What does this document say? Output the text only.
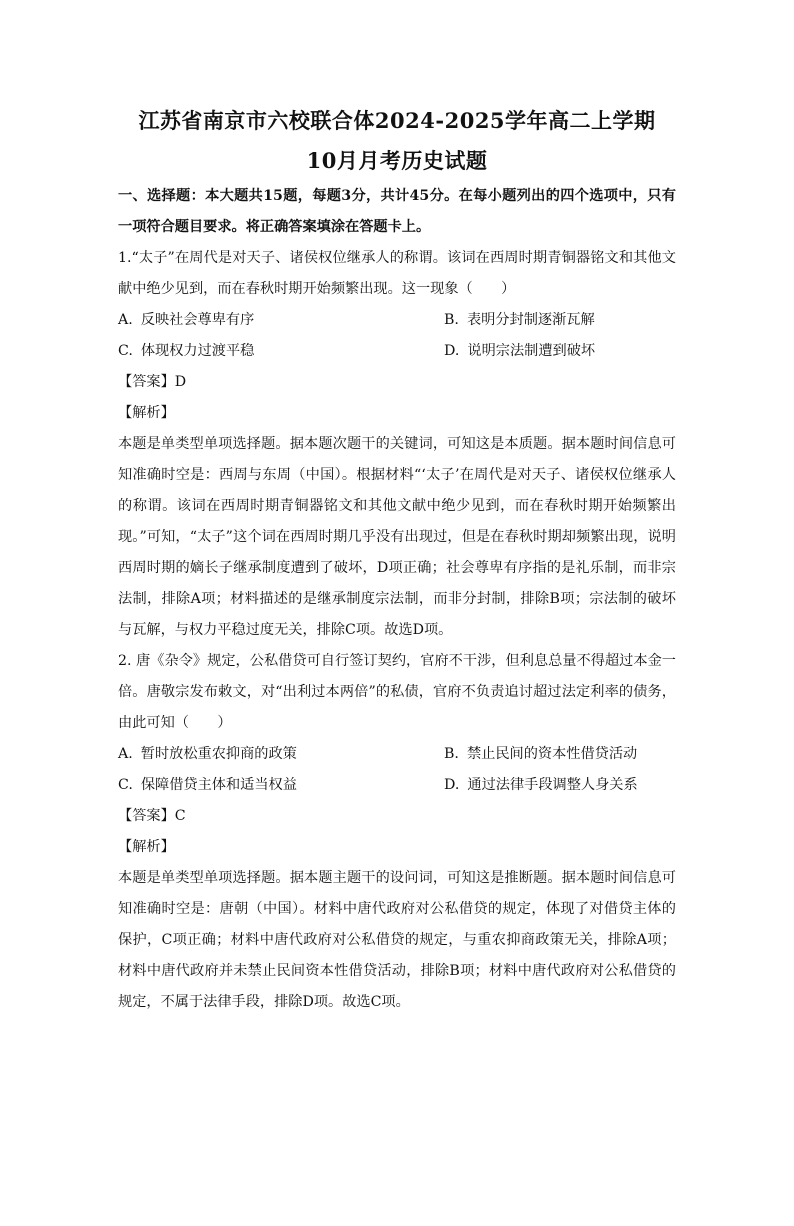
江苏省南京市六校联合体2024-2025学年高二上学期
10月月考历史试题

一、选择题：本大题共15题，每题3分，共计45分。在每小题列出的四个选项中，只有一项符合题目要求。将正确答案填涂在答题卡上。

1.“太子”在周代是对天子、诸侯权位继承人的称谓。该词在西周时期青铜器铭文和其他文献中绝少见到，而在春秋时期开始频繁出现。这一现象（　　）

A. 反映社会尊卑有序	B. 表明分封制逐渐瓦解
C. 体现权力过渡平稳	D. 说明宗法制遭到破坏
【答案】D
【解析】

本题是单类型单项选择题。据本题次题干的关键词，可知这是本质题。据本题时间信息可知准确时空是：西周与东周（中国）。根据材料“‘太子’在周代是对天子、诸侯权位继承人的称谓。该词在西周时期青铜器铭文和其他文献中绝少见到，而在春秋时期开始频繁出现。”可知，“太子”这个词在西周时期几乎没有出现过，但是在春秋时期却频繁出现，说明西周时期的嫡长子继承制度遭到了破坏，D项正确；社会尊卑有序指的是礼乐制，而非宗法制，排除A项；材料描述的是继承制度宗法制，而非分封制，排除B项；宗法制的破坏与瓦解，与权力平稳过度无关，排除C项。故选D项。

2. 唐《杂令》规定，公私借贷可自行签订契约，官府不干涉，但利息总量不得超过本金一倍。唐敬宗发布敕文，对“出利过本两倍”的私债，官府不负责追讨超过法定利率的债务，由此可知（　　）

A. 暂时放松重农抑商的政策	B. 禁止民间的资本性借贷活动
C. 保障借贷主体和适当权益	D. 通过法律手段调整人身关系
【答案】C
【解析】

本题是单类型单项选择题。据本题主题干的设问词，可知这是推断题。据本题时间信息可知准确时空是：唐朝（中国）。材料中唐代政府对公私借贷的规定，体现了对借贷主体的保护，C项正确；材料中唐代政府对公私借贷的规定，与重农抑商政策无关，排除A项；材料中唐代政府并未禁止民间资本性借贷活动，排除B项；材料中唐代政府对公私借贷的规定，不属于法律手段，排除D项。故选C项。
